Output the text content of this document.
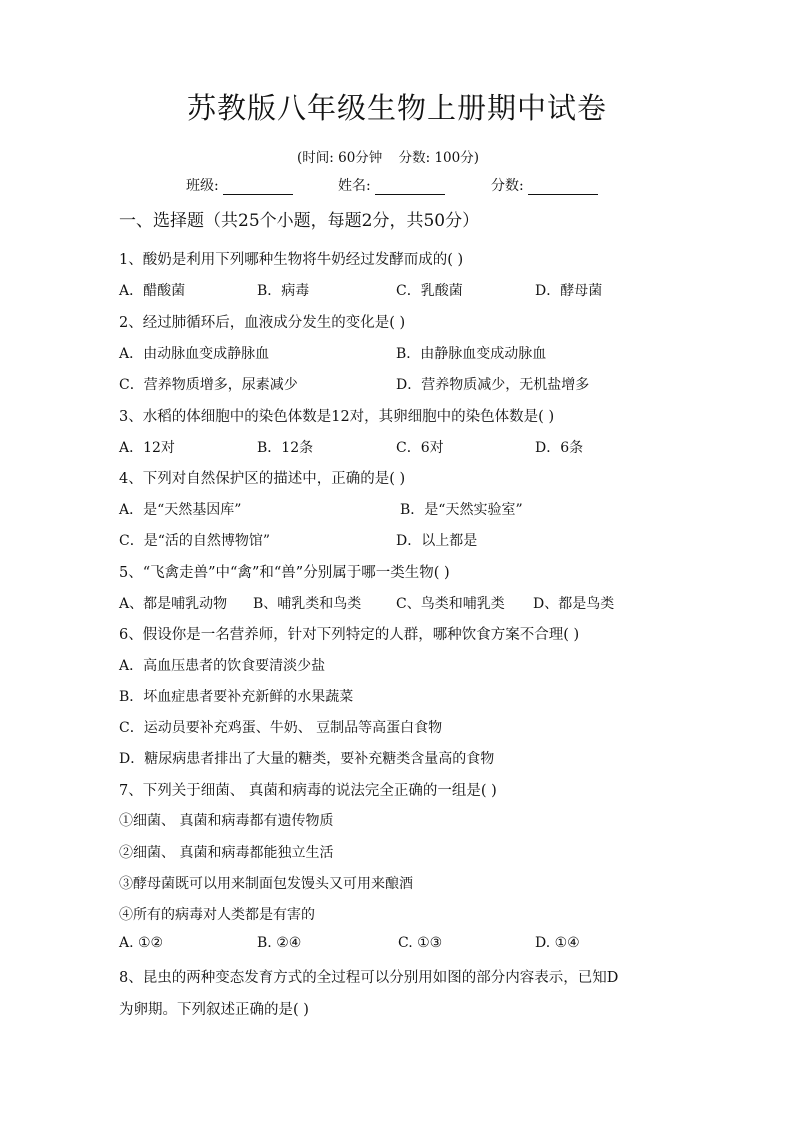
苏教版八年级生物上册期中试卷
(时间: 60分钟 分数: 100分)
班级:	姓名:	分数:
一、选择题（共25个小题，每题2分，共50分）
1、酸奶是利用下列哪种生物将牛奶经过发酵而成的( )
A．醋酸菌	B．病毒	C．乳酸菌	D．酵母菌
2、经过肺循环后，血液成分发生的变化是( )
A．由动脉血变成静脉血	B．由静脉血变成动脉血
C．营养物质增多，尿素减少	D．营养物质减少，无机盐增多
3、水稻的体细胞中的染色体数是12对，其卵细胞中的染色体数是( )
A．12对	B．12条	C．6对	D．6条
4、下列对自然保护区的描述中，正确的是( )
A．是“天然基因库”	B．是“天然实验室”
C．是“活的自然博物馆”	D．以上都是
5、“飞禽走兽”中“禽”和“兽”分别属于哪一类生物( )
A、都是哺乳动物 B、哺乳类和鸟类 C、鸟类和哺乳类 D、都是鸟类
6、假设你是一名营养师，针对下列特定的人群，哪种饮食方案不合理( )
A．高血压患者的饮食要清淡少盐
B．坏血症患者要补充新鲜的水果蔬菜
C．运动员要补充鸡蛋、牛奶、 豆制品等高蛋白食物
D．糖尿病患者排出了大量的糖类，要补充糖类含量高的食物
7、下列关于细菌、 真菌和病毒的说法完全正确的一组是( )
①细菌、 真菌和病毒都有遗传物质
②细菌、 真菌和病毒都能独立生活
③酵母菌既可以用来制面包发馒头又可用来酿酒
④所有的病毒对人类都是有害的
A. ①②	B. ②④	C. ①③	D. ①④
8、昆虫的两种变态发育方式的全过程可以分别用如图的部分内容表示，已知D
为卵期。下列叙述正确的是( )
